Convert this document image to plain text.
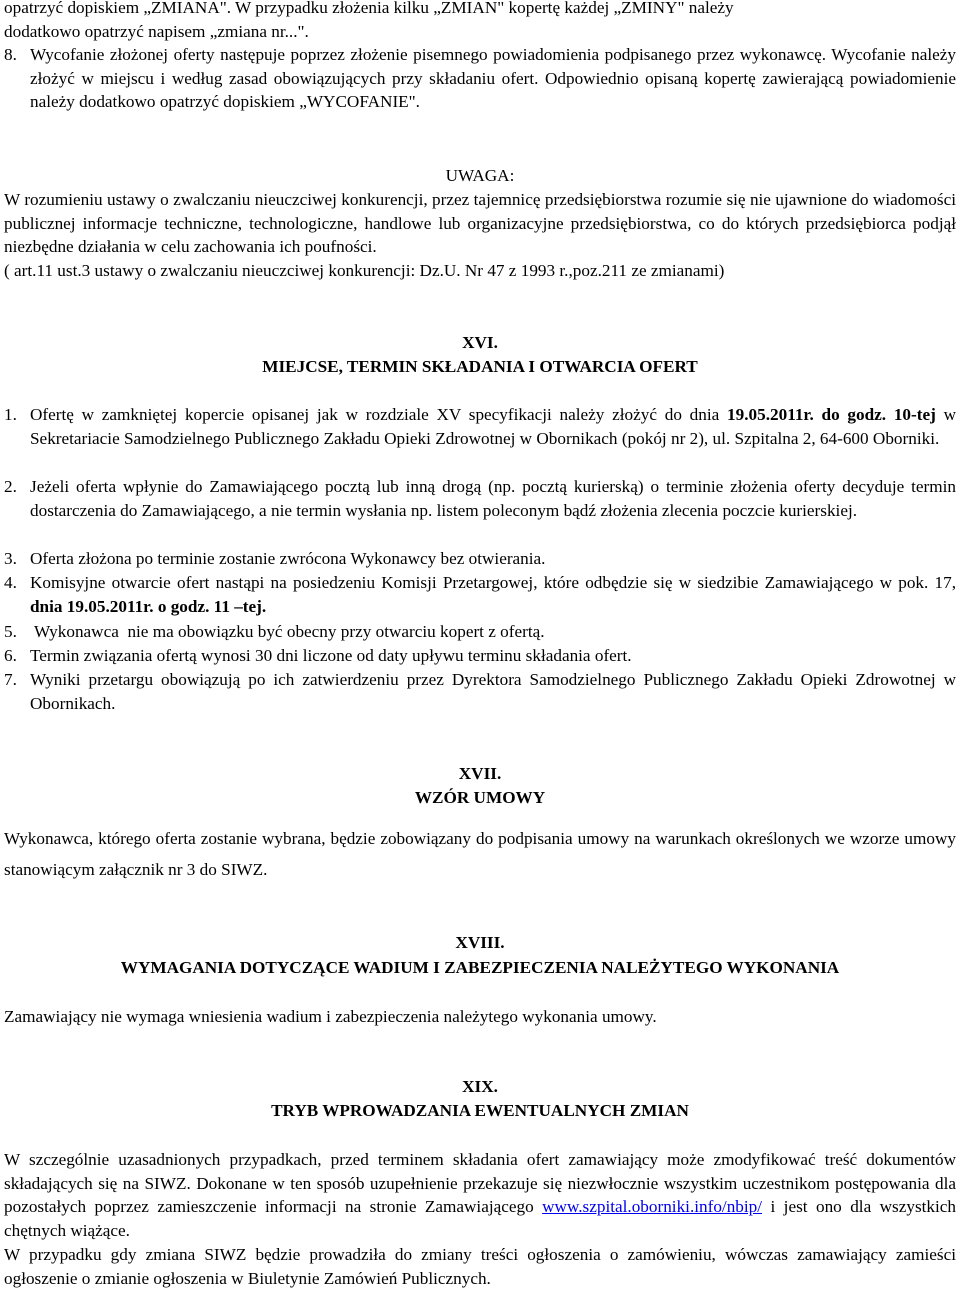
opatrzyć dopiskiem „ZMIANA". W przypadku złożenia kilku „ZMIAN" kopertę każdej „ZMINY" należy
dodatkowo opatrzyć napisem „zmiana nr...".

8. Wycofanie złożonej oferty następuje poprzez złożenie pisemnego powiadomienia podpisanego przez wykonawcę. Wycofanie należy złożyć w miejscu i według zasad obowiązujących przy składaniu ofert. Odpowiednio opisaną kopertę zawierającą powiadomienie należy dodatkowo opatrzyć dopiskiem „WYCOFANIE".

UWAGA:

W rozumieniu ustawy o zwalczaniu nieuczciwej konkurencji, przez tajemnicę przedsiębiorstwa rozumie się nie ujawnione do wiadomości publicznej informacje techniczne, technologiczne, handlowe lub organizacyjne przedsiębiorstwa, co do których przedsiębiorca podjął niezbędne działania w celu zachowania ich poufności.

( art.11 ust.3 ustawy o zwalczaniu nieuczciwej konkurencji: Dz.U. Nr 47 z 1993 r.,poz.211 ze zmianami)

XVI.

MIEJCSE, TERMIN SKŁADANIA I OTWARCIA OFERT

1. Ofertę w zamkniętej kopercie opisanej jak w rozdziale XV specyfikacji należy złożyć do dnia 19.05.2011r. do godz. 10-tej w Sekretariacie Samodzielnego Publicznego Zakładu Opieki Zdrowotnej w Obornikach (pokój nr 2), ul. Szpitalna 2, 64-600 Oborniki.

2. Jeżeli oferta wpłynie do Zamawiającego pocztą lub inną drogą (np. pocztą kurierską) o terminie złożenia oferty decyduje termin dostarczenia do Zamawiającego, a nie termin wysłania np. listem poleconym bądź złożenia zlecenia poczcie kurierskiej.

3. Oferta złożona po terminie zostanie zwrócona Wykonawcy bez otwierania.

4. Komisyjne otwarcie ofert nastąpi na posiedzeniu Komisji Przetargowej, które odbędzie się w siedzibie Zamawiającego w pok. 17, dnia 19.05.2011r. o godz. 11 –tej.

5. Wykonawca  nie ma obowiązku być obecny przy otwarciu kopert z ofertą.

6. Termin związania ofertą wynosi 30 dni liczone od daty upływu terminu składania ofert.

7. Wyniki przetargu obowiązują po ich zatwierdzeniu przez Dyrektora Samodzielnego Publicznego Zakładu Opieki Zdrowotnej w Obornikach.

XVII.

WZÓR UMOWY

Wykonawca, którego oferta zostanie wybrana, będzie zobowiązany do podpisania umowy na warunkach określonych we wzorze umowy stanowiącym załącznik nr 3 do SIWZ.

XVIII.

WYMAGANIA DOTYCZĄCE WADIUM I ZABEZPIECZENIA NALEŻYTEGO WYKONANIA

Zamawiający nie wymaga wniesienia wadium i zabezpieczenia należytego wykonania umowy.

XIX.

TRYB WPROWADZANIA EWENTUALNYCH ZMIAN

W szczególnie uzasadnionych przypadkach, przed terminem składania ofert zamawiający może zmodyfikować treść dokumentów składających się na SIWZ. Dokonane w ten sposób uzupełnienie przekazuje się niezwłocznie wszystkim uczestnikom postępowania dla pozostałych poprzez zamieszczenie informacji na stronie Zamawiającego www.szpital.oborniki.info/nbip/ i jest ono dla wszystkich chętnych wiążące.

W przypadku gdy zmiana SIWZ będzie prowadziła do zmiany treści ogłoszenia o zamówieniu, wówczas zamawiający zamieści ogłoszenie o zmianie ogłoszenia w Biuletynie Zamówień Publicznych.
